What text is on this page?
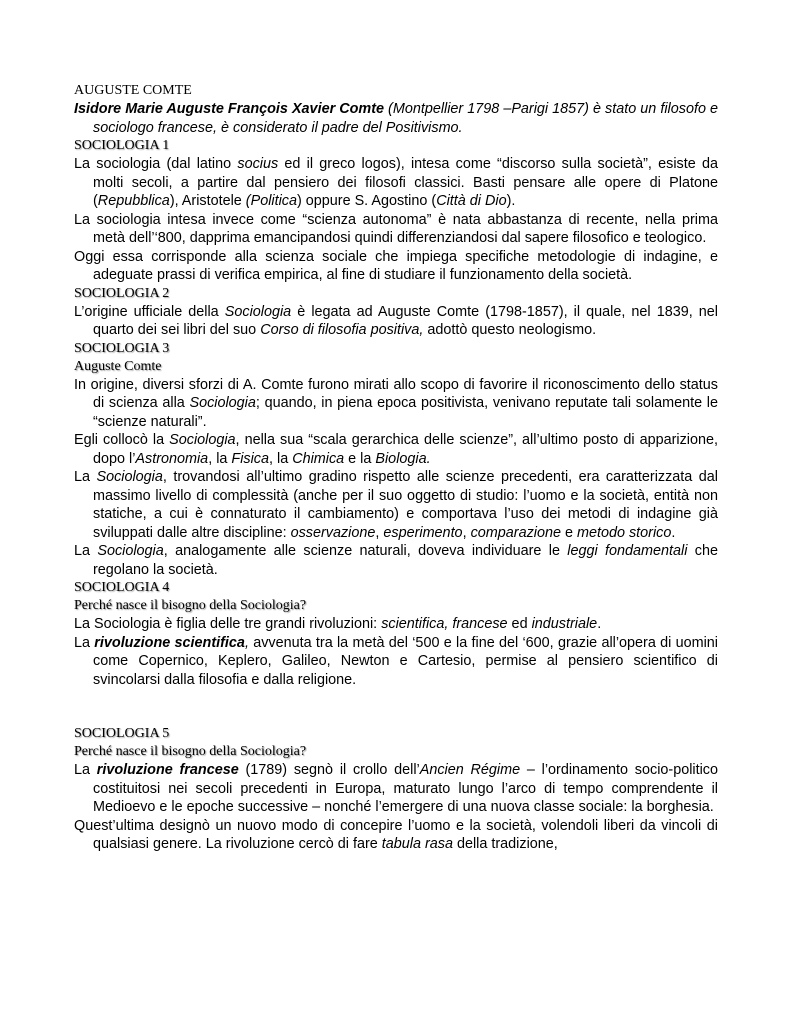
AUGUSTE COMTE

Isidore Marie Auguste François Xavier Comte (Montpellier 1798 –Parigi 1857) è stato un filosofo e sociologo francese, è considerato il padre del Positivismo.

SOCIOLOGIA 1

La sociologia (dal latino socius ed il greco logos), intesa come “discorso sulla società”, esiste da molti secoli, a partire dal pensiero dei filosofi classici. Basti pensare alle opere di Platone (Repubblica), Aristotele (Politica) oppure S. Agostino (Città di Dio).

La sociologia intesa invece come “scienza autonoma” è nata abbastanza di recente, nella prima metà dell’‘800, dapprima emancipandosi quindi differenziandosi dal sapere filosofico e teologico.

Oggi essa corrisponde alla scienza sociale che impiega specifiche metodologie di indagine, e adeguate prassi di verifica empirica, al fine di studiare il funzionamento della società.

SOCIOLOGIA 2

L’origine ufficiale della Sociologia è legata ad Auguste Comte (1798-1857), il quale, nel 1839, nel quarto dei sei libri del suo Corso di filosofia positiva, adottò questo neologismo.

SOCIOLOGIA 3

Auguste Comte

In origine, diversi sforzi di A. Comte furono mirati allo scopo di favorire il riconoscimento dello status di scienza alla Sociologia; quando, in piena epoca positivista, venivano reputate tali solamente le “scienze naturali”.

Egli collocò la Sociologia, nella sua “scala gerarchica delle scienze”, all’ultimo posto di apparizione, dopo l’Astronomia, la Fisica, la Chimica e la Biologia.

La Sociologia, trovandosi all’ultimo gradino rispetto alle scienze precedenti, era caratterizzata dal massimo livello di complessità (anche per il suo oggetto di studio: l’uomo e la società, entità non statiche, a cui è connaturato il cambiamento) e comportava l’uso dei metodi di indagine già sviluppati dalle altre discipline: osservazione, esperimento, comparazione e metodo storico.

La Sociologia, analogamente alle scienze naturali, doveva individuare le leggi fondamentali che regolano la società.

SOCIOLOGIA 4

Perché nasce il bisogno della Sociologia?

La Sociologia è figlia delle tre grandi rivoluzioni: scientifica, francese ed industriale.

La rivoluzione scientifica, avvenuta tra la metà del ‘500 e la fine del ‘600, grazie all’opera di uomini come Copernico, Keplero, Galileo, Newton e Cartesio, permise al pensiero scientifico di svincolarsi dalla filosofia e dalla religione.

SOCIOLOGIA 5

Perché nasce il bisogno della Sociologia?

La rivoluzione francese (1789) segnò il crollo dell’Ancien Régime – l’ordinamento socio-politico costituitosi nei secoli precedenti in Europa, maturato lungo l’arco di tempo comprendente il Medioevo e le epoche successive – nonché l’emergere di una nuova classe sociale: la borghesia.

Quest’ultima designò un nuovo modo di concepire l’uomo e la società, volendoli liberi da vincoli di qualsiasi genere. La rivoluzione cercò di fare tabula rasa della tradizione,
